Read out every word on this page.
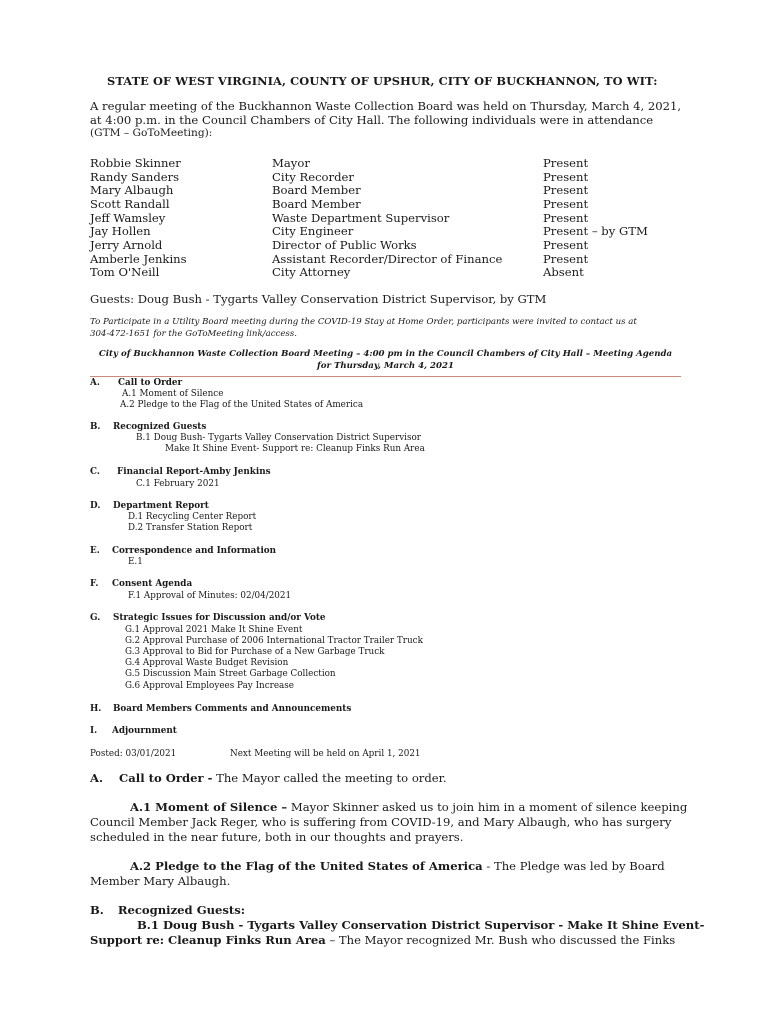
STATE OF WEST VIRGINIA, COUNTY OF UPSHUR, CITY OF BUCKHANNON, TO WIT:
A regular meeting of the Buckhannon Waste Collection Board was held on Thursday, March 4, 2021,
at 4:00 p.m. in the Council Chambers of City Hall. The following individuals were in attendance
(GTM – GoToMeeting):
Robbie Skinner	Mayor	Present
Randy Sanders	City Recorder	Present
Mary Albaugh	Board Member	Present
Scott Randall	Board Member	Present
Jeff Wamsley	Waste Department Supervisor	Present
Jay Hollen	City Engineer	Present – by GTM
Jerry Arnold	Director of Public Works	Present
Amberle Jenkins	Assistant Recorder/Director of Finance	Present
Tom O'Neill	City Attorney	Absent
Guests: Doug Bush - Tygarts Valley Conservation District Supervisor, by GTM
To Participate in a Utility Board meeting during the COVID-19 Stay at Home Order, participants were invited to contact us at
304-472-1651 for the GoToMeeting link/access.
City of Buckhannon Waste Collection Board Meeting – 4:00 pm in the Council Chambers of City Hall – Meeting Agenda
for Thursday, March 4, 2021
A. Call to Order
A.1 Moment of Silence
A.2 Pledge to the Flag of the United States of America
B. Recognized Guests
B.1 Doug Bush- Tygarts Valley Conservation District Supervisor
Make It Shine Event- Support re: Cleanup Finks Run Area
C. Financial Report-Amby Jenkins
C.1 February 2021
D. Department Report
D.1 Recycling Center Report
D.2 Transfer Station Report
E. Correspondence and Information
E.1
F. Consent Agenda
F.1 Approval of Minutes: 02/04/2021
G. Strategic Issues for Discussion and/or Vote
G.1 Approval 2021 Make It Shine Event
G.2 Approval Purchase of 2006 International Tractor Trailer Truck
G.3 Approval to Bid for Purchase of a New Garbage Truck
G.4 Approval Waste Budget Revision
G.5 Discussion Main Street Garbage Collection
G.6 Approval Employees Pay Increase
H. Board Members Comments and Announcements
I. Adjournment
Posted: 03/01/2021	Next Meeting will be held on April 1, 2021
A. Call to Order - The Mayor called the meeting to order.
A.1 Moment of Silence – Mayor Skinner asked us to join him in a moment of silence keeping
Council Member Jack Reger, who is suffering from COVID-19, and Mary Albaugh, who has surgery
scheduled in the near future, both in our thoughts and prayers.
A.2 Pledge to the Flag of the United States of America - The Pledge was led by Board
Member Mary Albaugh.
B. Recognized Guests:
B.1 Doug Bush - Tygarts Valley Conservation District Supervisor - Make It Shine Event-
Support re: Cleanup Finks Run Area – The Mayor recognized Mr. Bush who discussed the Finks
